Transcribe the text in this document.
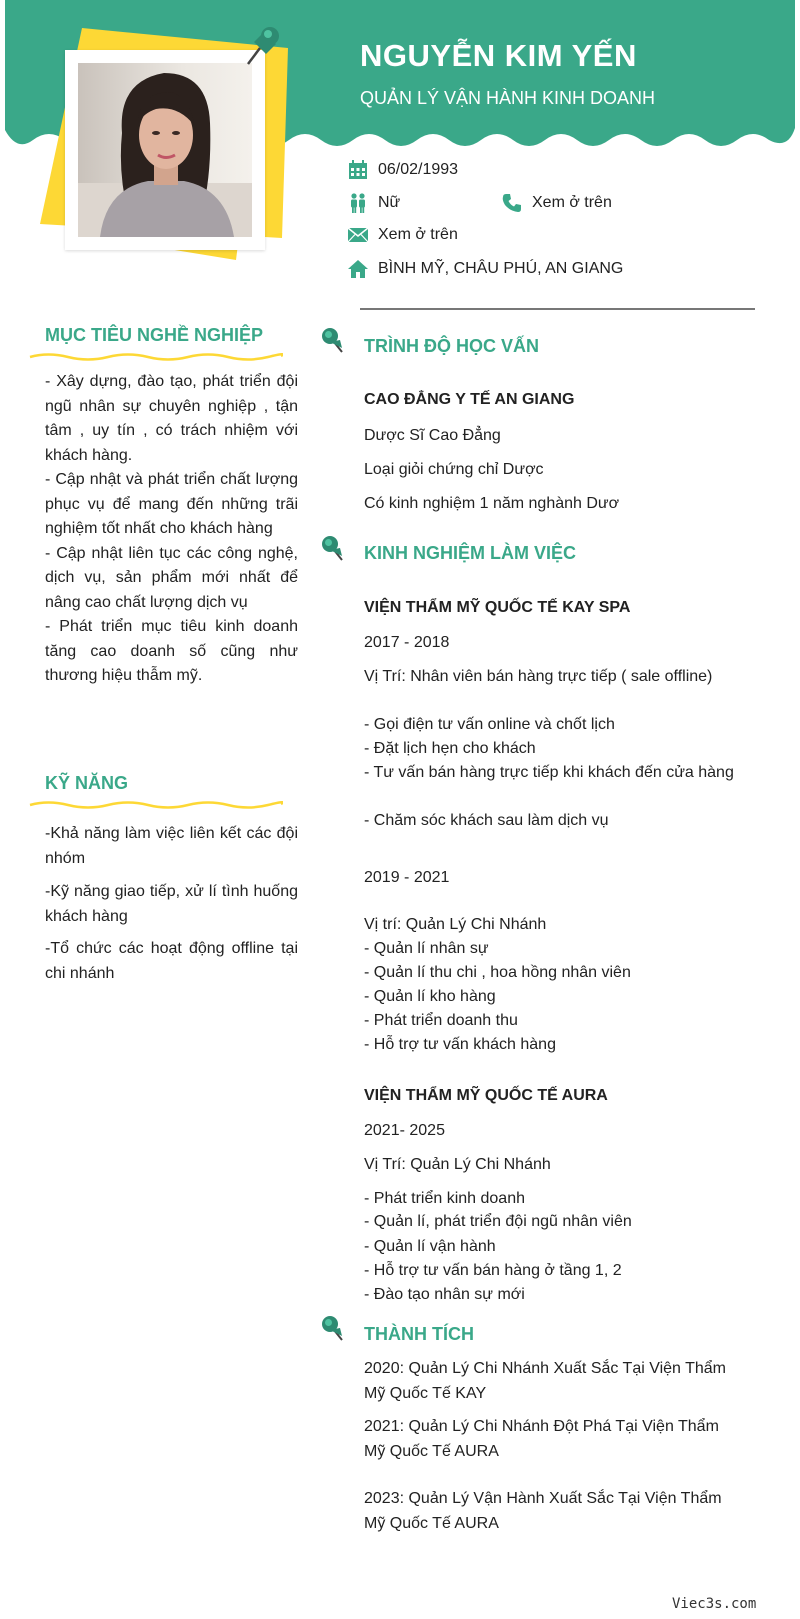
NGUYỄN KIM YẾN
QUẢN LÝ VẬN HÀNH KINH DOANH
06/02/1993
Nữ	Xem ở trên
Xem ở trên
BÌNH MỸ, CHÂU PHÚ, AN GIANG
MỤC TIÊU NGHỀ NGHIỆP

- Xây dựng, đào tạo, phát triển đội ngũ nhân sự chuyên nghiệp , tận tâm , uy tín , có trách nhiệm với khách hàng.

- Cập nhật và phát triển chất lượng phục vụ để mang đến những trãi nghiệm tốt nhất cho khách hàng

- Cập nhật liên tục các công nghệ, dịch vụ, sản phẩm mới nhất để nâng cao chất lượng dịch vụ

- Phát triển mục tiêu kinh doanh tăng cao doanh số cũng như thương hiệu thẫm mỹ.

KỸ NĂNG
-Khả năng làm việc liên kết các đội nhóm
-Kỹ năng giao tiếp, xử lí tình huống khách hàng
-Tổ chức các hoạt động offline tại chi nhánh
TRÌNH ĐỘ HỌC VẤN
CAO ĐẲNG Y TẾ AN GIANG
Dược Sĩ Cao Đẳng
Loại giỏi chứng chỉ Dược
Có kinh nghiệm 1 năm nghành Dươ
KINH NGHIỆM LÀM VIỆC
VIỆN THẨM MỸ QUỐC TẾ KAY SPA
2017 - 2018
Vị Trí: Nhân viên bán hàng trực tiếp ( sale offline)
- Gọi điện tư vấn online và chốt lịch
- Đặt lịch hẹn cho khách
- Tư vấn bán hàng trực tiếp khi khách đến cửa hàng
- Chăm sóc khách sau làm dịch vụ
2019 - 2021
Vị trí: Quản Lý Chi Nhánh
- Quản lí nhân sự
- Quản lí thu chi , hoa hồng nhân viên
- Quản lí kho hàng
- Phát triển doanh thu
- Hỗ trợ tư vấn khách hàng
VIỆN THẨM MỸ QUỐC TẾ AURA
2021- 2025
Vị Trí: Quản Lý Chi Nhánh
- Phát triển kinh doanh
- Quản lí, phát triển đội ngũ nhân viên
- Quản lí vận hành
- Hỗ trợ tư vấn bán hàng ở tầng 1, 2
- Đào tạo nhân sự mới
THÀNH TÍCH
2020: Quản Lý Chi Nhánh Xuất Sắc Tại Viện Thẩm Mỹ Quốc Tế KAY
2021: Quản Lý Chi Nhánh Đột Phá Tại Viện Thẩm Mỹ Quốc Tế AURA
2023: Quản Lý Vận Hành Xuất Sắc Tại Viện Thẩm Mỹ Quốc Tế AURA
Viec3s.com
